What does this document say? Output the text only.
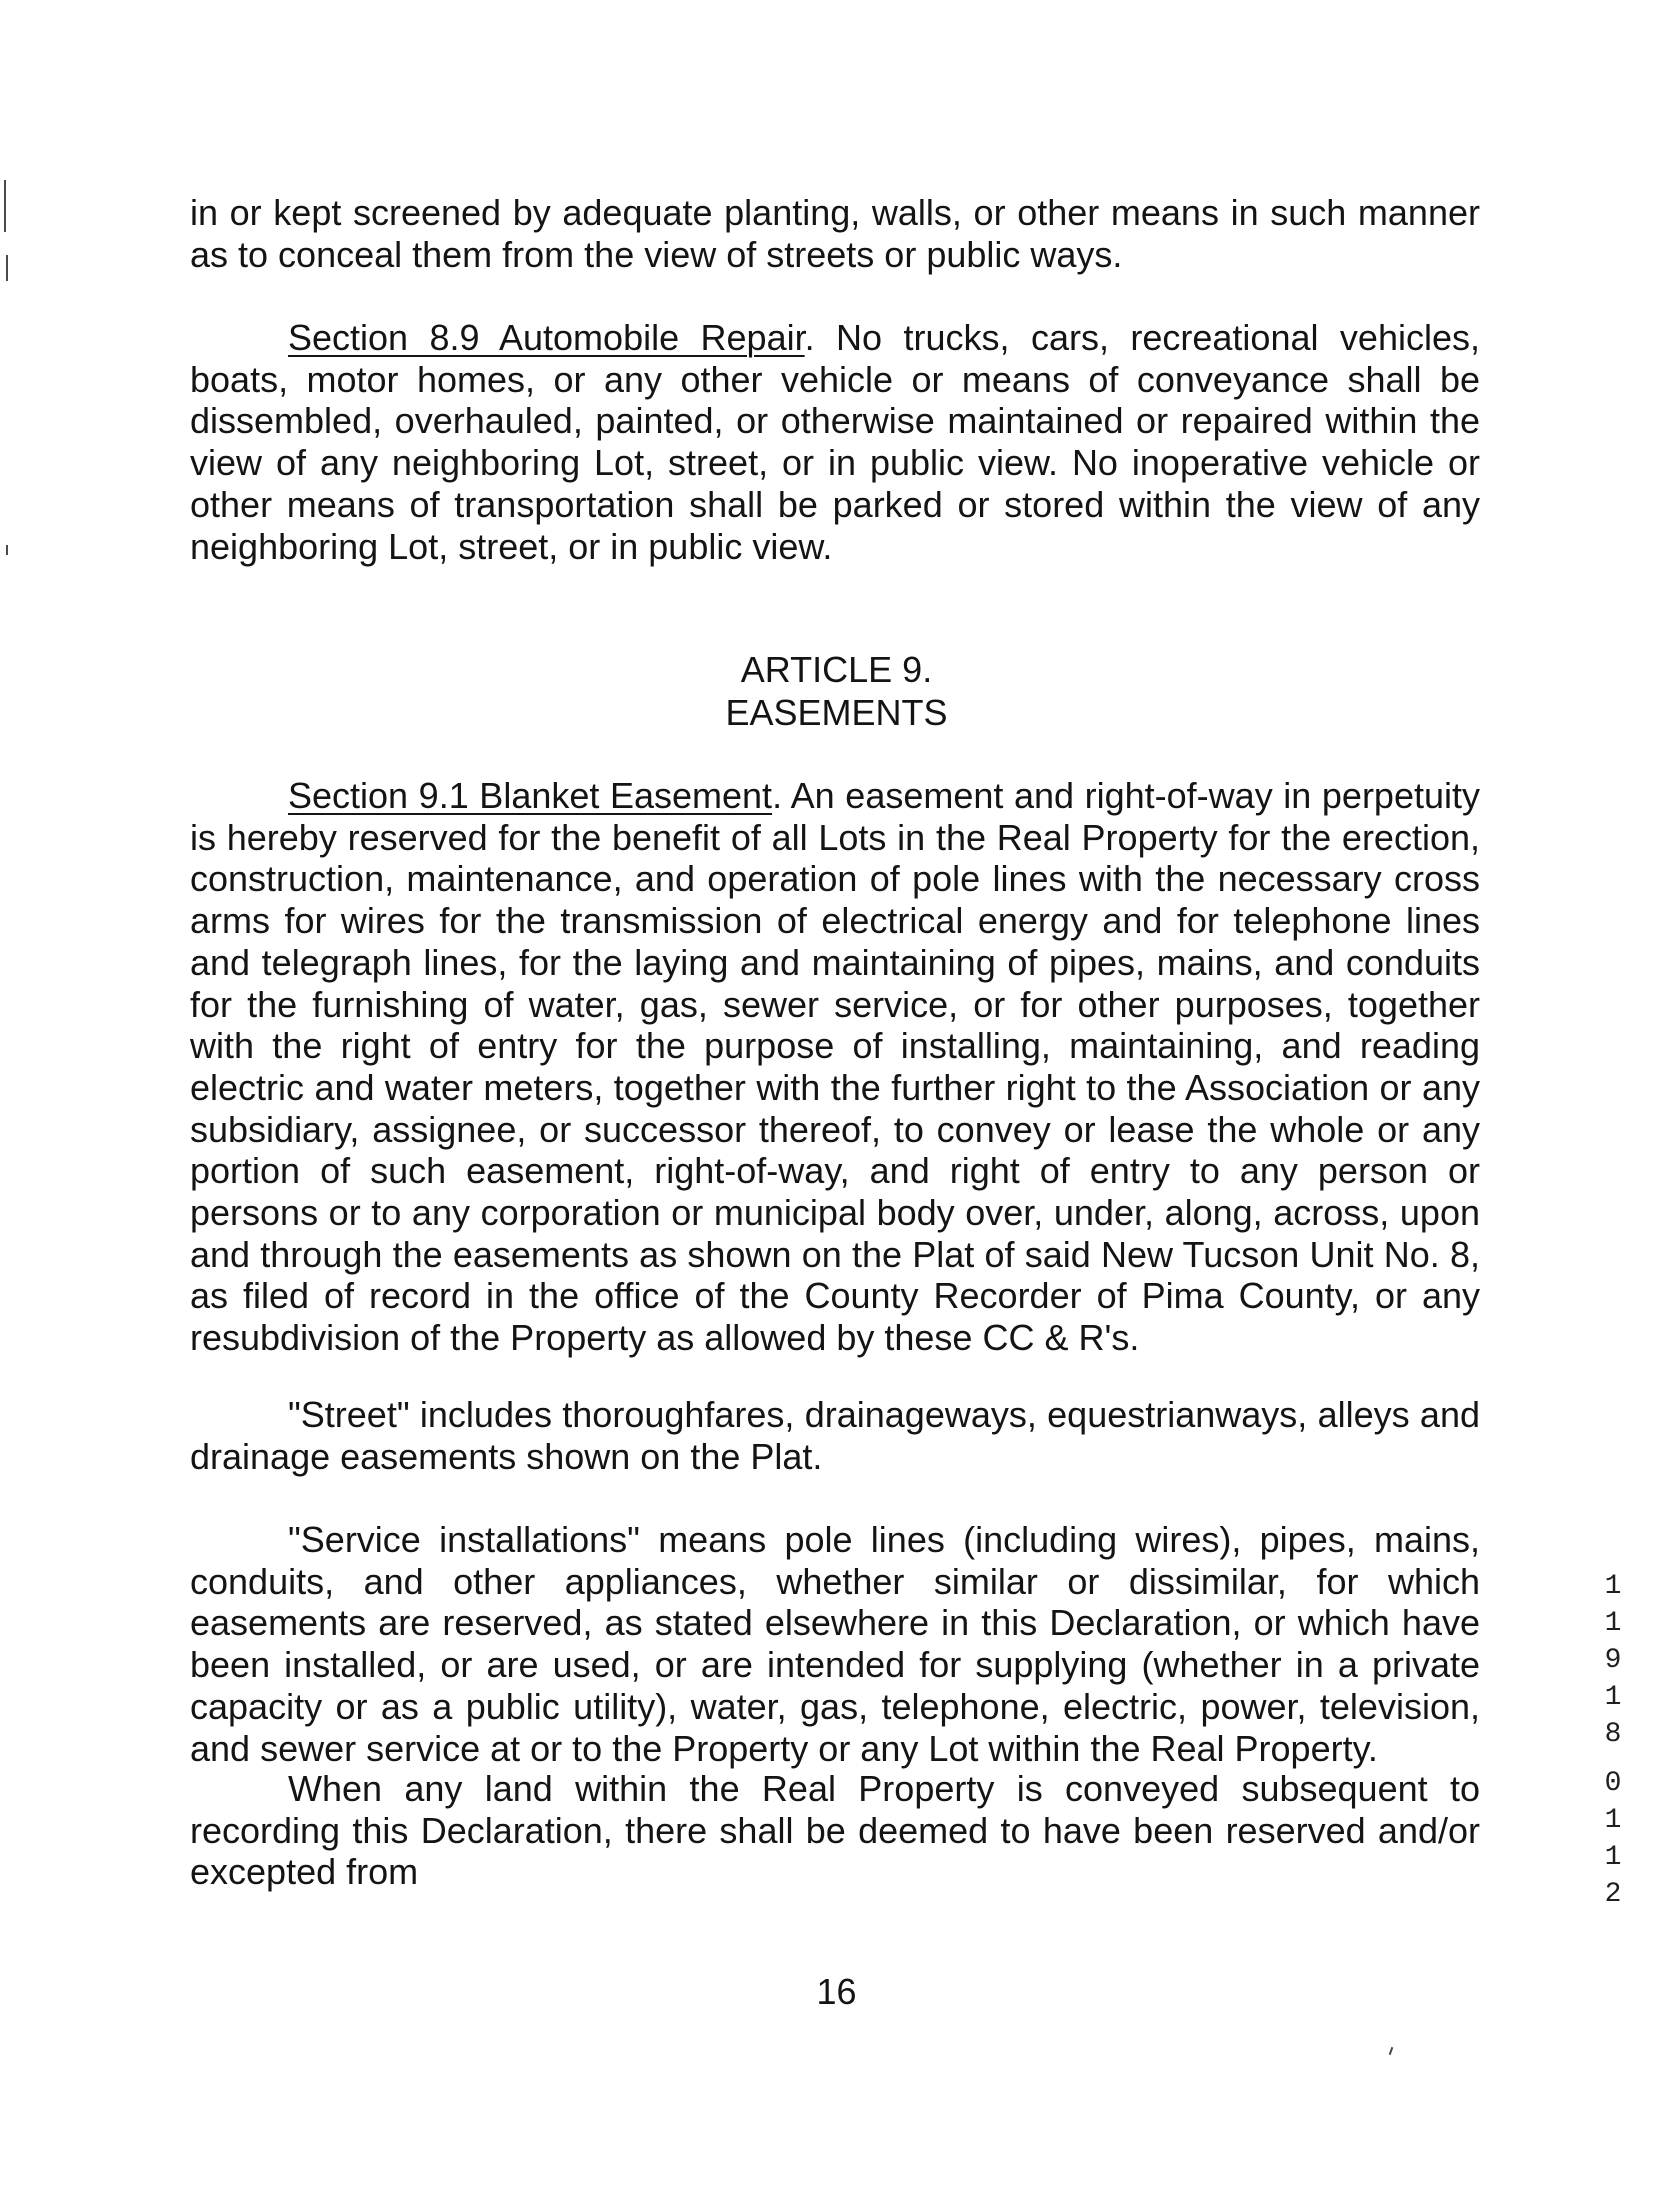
in or kept screened by adequate planting, walls, or other means in such manner as to conceal them from the view of streets or public ways.

Section 8.9 Automobile Repair. No trucks, cars, recreational vehicles, boats, motor homes, or any other vehicle or means of conveyance shall be dissembled, overhauled, painted, or otherwise maintained or repaired within the view of any neighboring Lot, street, or in public view. No inoperative vehicle or other means of transportation shall be parked or stored within the view of any neighboring Lot, street, or in public view.

ARTICLE 9.

EASEMENTS

Section 9.1 Blanket Easement. An easement and right-of-way in perpetuity is hereby reserved for the benefit of all Lots in the Real Property for the erection, construction, maintenance, and operation of pole lines with the necessary cross arms for wires for the transmission of electrical energy and for telephone lines and telegraph lines, for the laying and maintaining of pipes, mains, and conduits for the furnishing of water, gas, sewer service, or for other purposes, together with the right of entry for the purpose of installing, maintaining, and reading electric and water meters, together with the further right to the Association or any subsidiary, assignee, or successor thereof, to convey or lease the whole or any portion of such easement, right-of-way, and right of entry to any person or persons or to any corporation or municipal body over, under, along, across, upon and through the easements as shown on the Plat of said New Tucson Unit No. 8, as filed of record in the office of the County Recorder of Pima County, or any resubdivision of the Property as allowed by these CC & R's.

"Street" includes thoroughfares, drainageways, equestrianways, alleys and drainage easements shown on the Plat.

"Service installations" means pole lines (including wires), pipes, mains, conduits, and other appliances, whether similar or dissimilar, for which easements are reserved, as stated elsewhere in this Declaration, or which have been installed, or are used, or are intended for supplying (whether in a private capacity or as a public utility), water, gas, telephone, electric, power, television, and sewer service at or to the Property or any Lot within the Real Property.

When any land within the Real Property is conveyed subsequent to recording this Declaration, there shall be deemed to have been reserved and/or excepted from

16
1
1
9
1
8
0
1
1
2
